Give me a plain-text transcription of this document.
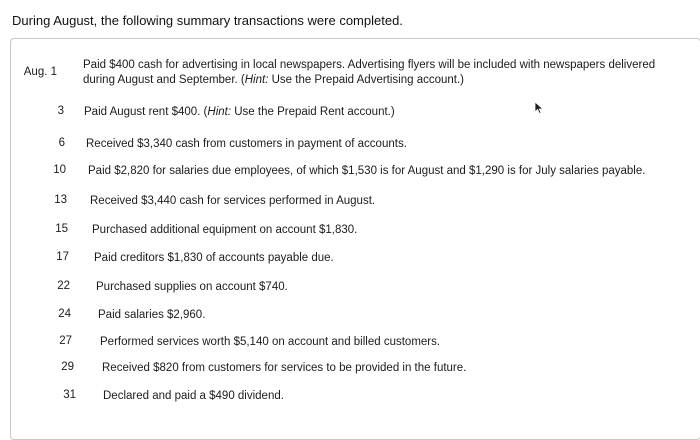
During August, the following summary transactions were completed.
Aug. 1
Paid $400 cash for advertising in local newspapers. Advertising flyers will be included with newspapers delivered
during August and September. (Hint: Use the Prepaid Advertising account.)
3 Paid August rent $400. (Hint: Use the Prepaid Rent account.)
6 Received $3,340 cash from customers in payment of accounts.
10 Paid $2,820 for salaries due employees, of which $1,530 is for August and $1,290 is for July salaries payable.
13 Received $3,440 cash for services performed in August.
15 Purchased additional equipment on account $1,830.
17 Paid creditors $1,830 of accounts payable due.
22 Purchased supplies on account $740.
24 Paid salaries $2,960.
27 Performed services worth $5,140 on account and billed customers.
29 Received $820 from customers for services to be provided in the future.
31 Declared and paid a $490 dividend.
